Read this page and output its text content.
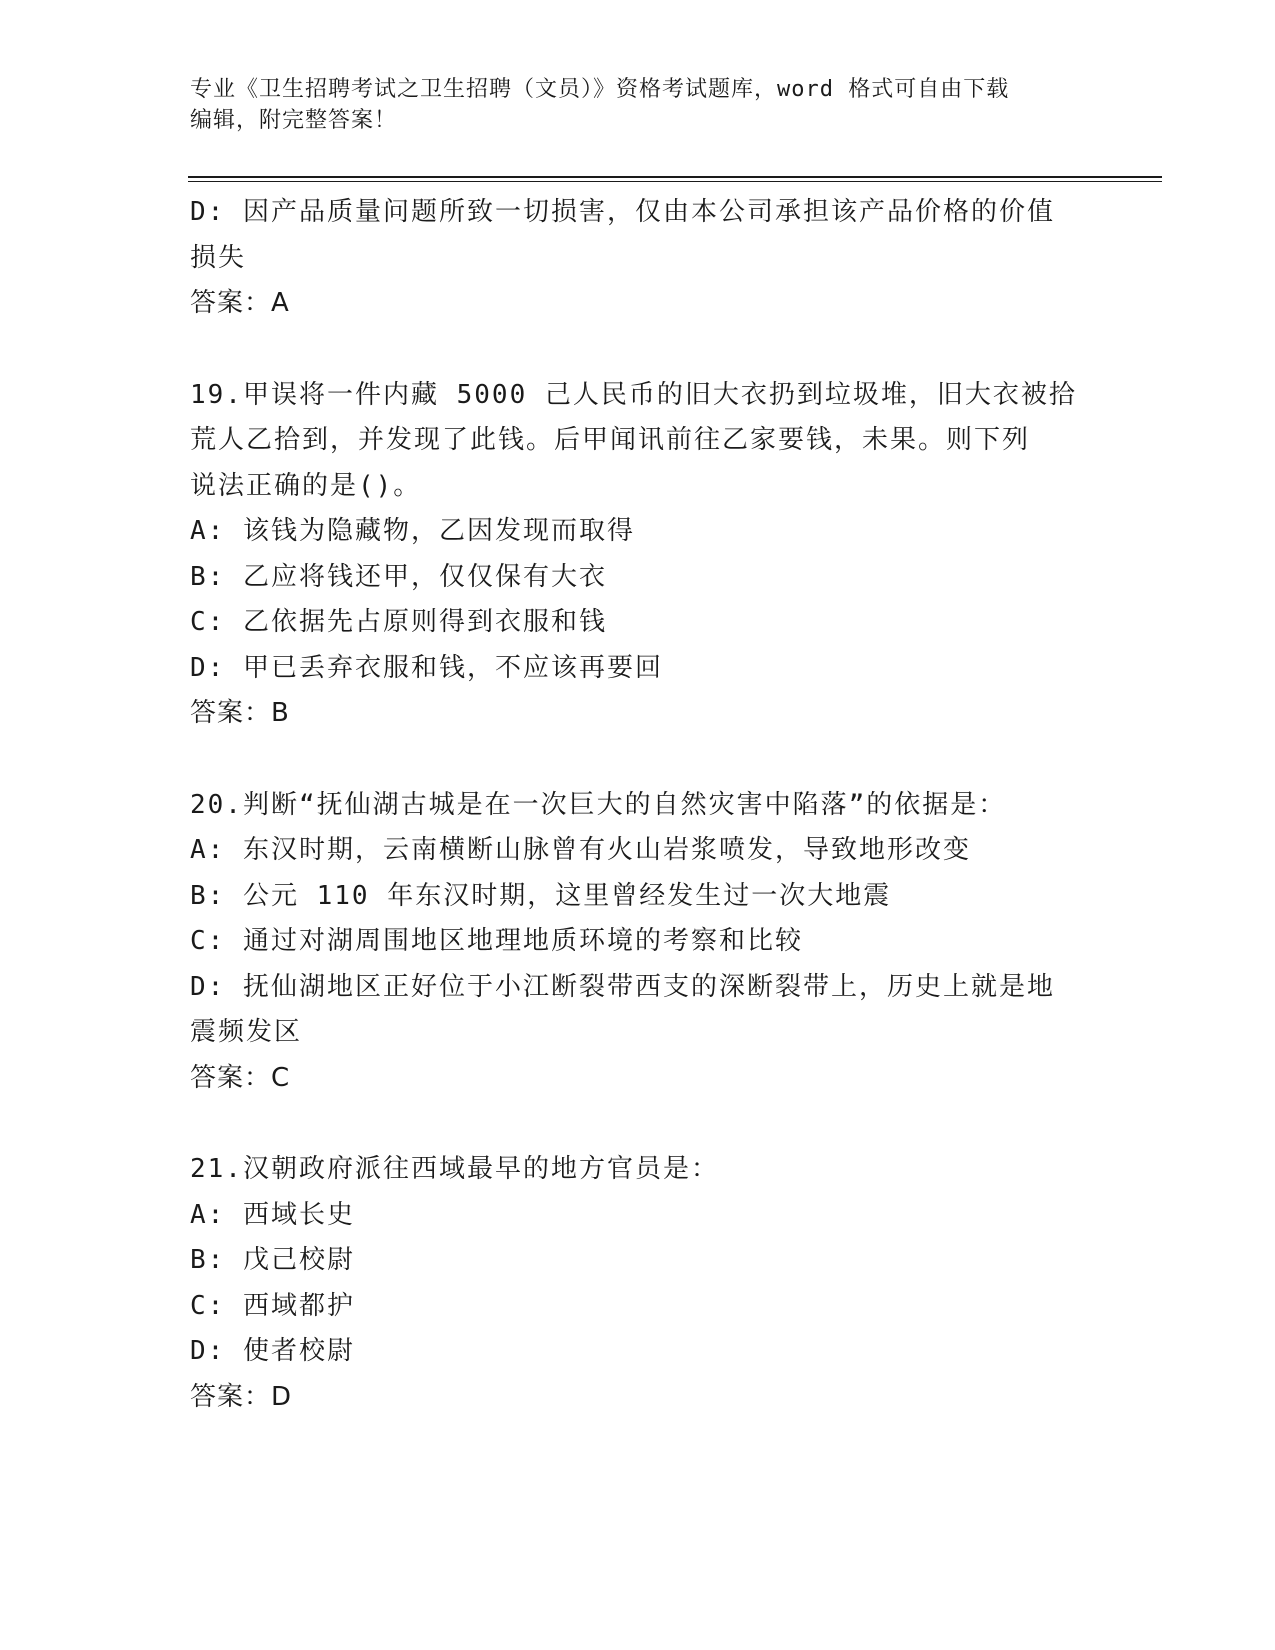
专业《卫生招聘考试之卫生招聘（文员）》资格考试题库，word 格式可自由下载
编辑，附完整答案！

D: 因产品质量问题所致一切损害，仅由本公司承担该产品价格的价值

损失

答案：A

19.甲误将一件内藏 5000 己人民币的旧大衣扔到垃圾堆，旧大衣被拾

荒人乙拾到，并发现了此钱。后甲闻讯前往乙家要钱，未果。则下列

说法正确的是()。

A: 该钱为隐藏物，乙因发现而取得

B: 乙应将钱还甲，仅仅保有大衣

C: 乙依据先占原则得到衣服和钱

D: 甲已丢弃衣服和钱，不应该再要回

答案：B

20.判断“抚仙湖古城是在一次巨大的自然灾害中陷落”的依据是：

A: 东汉时期，云南横断山脉曾有火山岩浆喷发，导致地形改变

B: 公元 110 年东汉时期，这里曾经发生过一次大地震

C: 通过对湖周围地区地理地质环境的考察和比较

D: 抚仙湖地区正好位于小江断裂带西支的深断裂带上，历史上就是地

震频发区

答案：C

21.汉朝政府派往西域最早的地方官员是：

A: 西域长史

B: 戊己校尉

C: 西域都护

D: 使者校尉

答案：D
